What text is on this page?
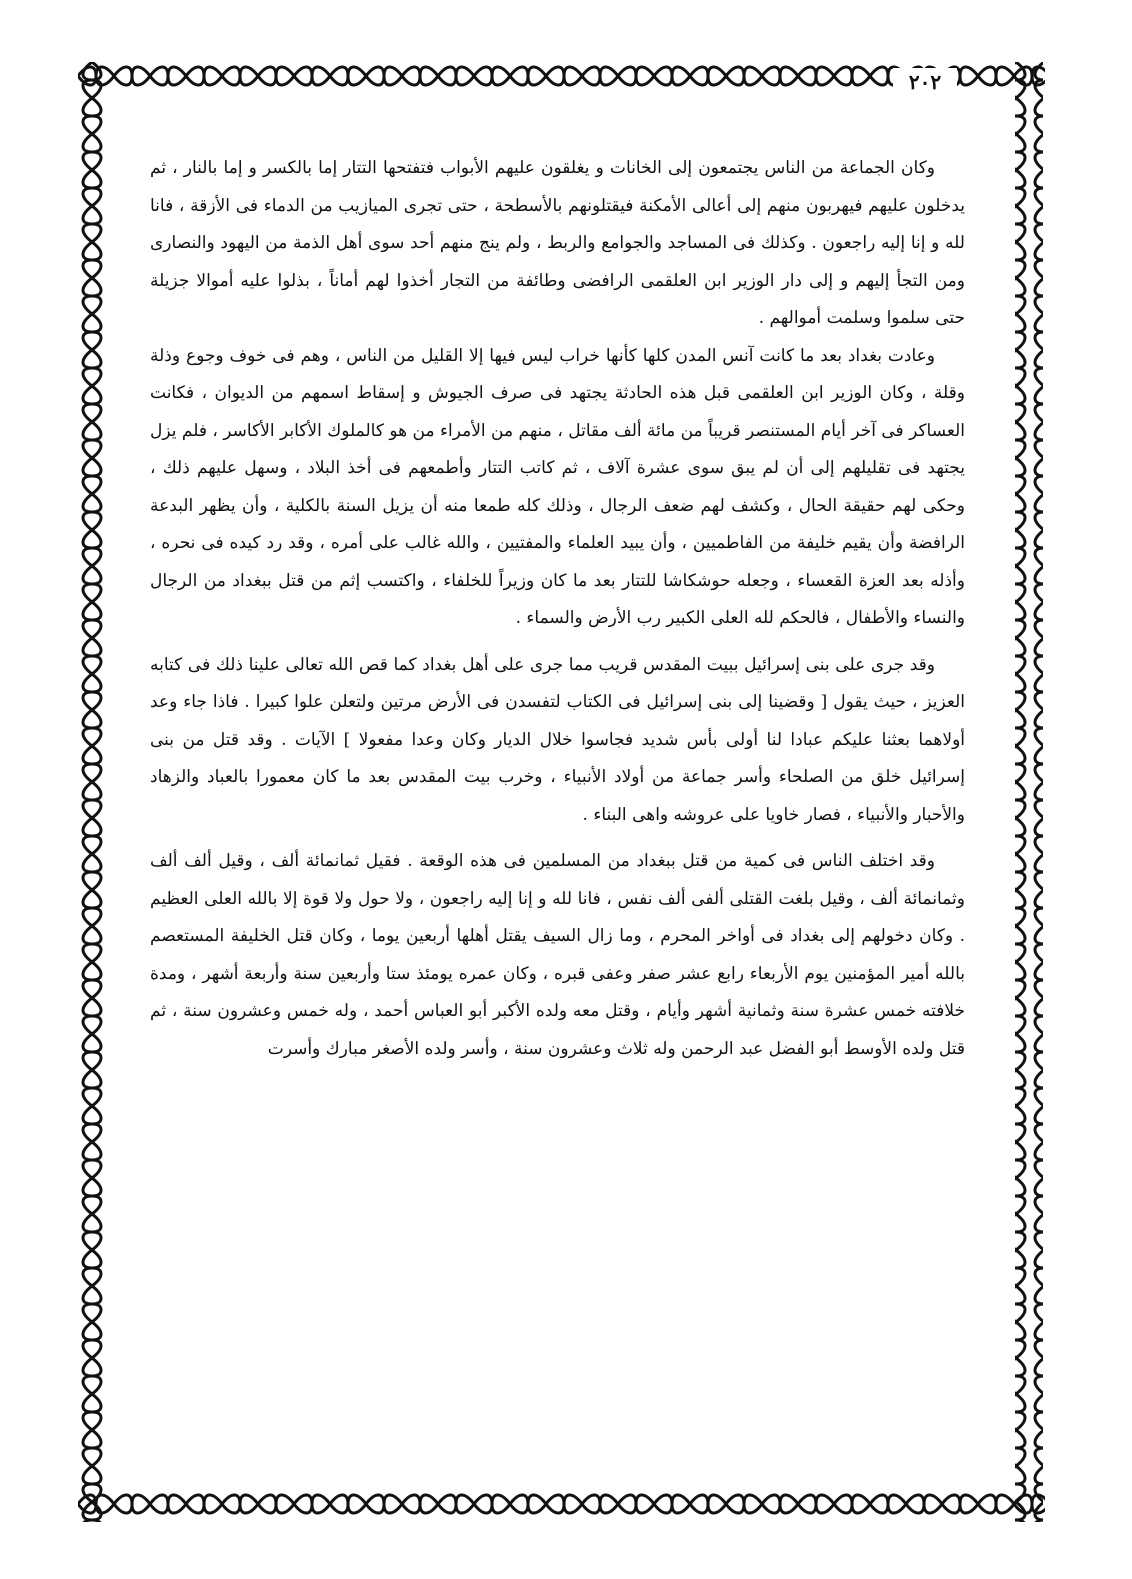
٢٠٢

وكان الجماعة من الناس يجتمعون إلى الخانات و يغلقون عليهم الأبواب فتفتحها التتار إما بالكسر و إما بالنار ، ثم يدخلون عليهم فيهربون منهم إلى أعالى الأمكنة فيقتلونهم بالأسطحة ، حتى تجرى الميازيب من الدماء فى الأزقة ، فانا لله و إنا إليه راجعون . وكذلك فى المساجد والجوامع والربط ، ولم ينج منهم أحد سوى أهل الذمة من اليهود والنصارى ومن التجأ إليهم و إلى دار الوزير ابن العلقمى الرافضى وطائفة من التجار أخذوا لهم أماناً ، بذلوا عليه أموالا جزيلة حتى سلموا وسلمت أموالهم .

وعادت بغداد بعد ما كانت آنس المدن كلها كأنها خراب ليس فيها إلا القليل من الناس ، وهم فى خوف وجوع وذلة وقلة ، وكان الوزير ابن العلقمى قبل هذه الحادثة يجتهد فى صرف الجيوش و إسقاط اسمهم من الديوان ، فكانت العساكر فى آخر أيام المستنصر قريباً من مائة ألف مقاتل ، منهم من الأمراء من هو كالملوك الأكابر الأكاسر ، فلم يزل يجتهد فى تقليلهم إلى أن لم يبق سوى عشرة آلاف ، ثم كاتب التتار وأطمعهم فى أخذ البلاد ، وسهل عليهم ذلك ، وحكى لهم حقيقة الحال ، وكشف لهم ضعف الرجال ، وذلك كله طمعا منه أن يزيل السنة بالكلية ، وأن يظهر البدعة الرافضة وأن يقيم خليفة من الفاطميين ، وأن يبيد العلماء والمفتيين ، والله غالب على أمره ، وقد رد كيده فى نحره ، وأذله بعد العزة القعساء ، وجعله حوشكاشا للتتار بعد ما كان وزيراً للخلفاء ، واكتسب إثم من قتل ببغداد من الرجال والنساء والأطفال ، فالحكم لله العلى الكبير رب الأرض والسماء .

وقد جرى على بنى إسرائيل ببيت المقدس قريب مما جرى على أهل بغداد كما قص الله تعالى علينا ذلك فى كتابه العزيز ، حيث يقول [ وقضينا إلى بنى إسرائيل فى الكتاب لتفسدن فى الأرض مرتين ولتعلن علوا كبيرا . فاذا جاء وعد أولاهما بعثنا عليكم عبادا لنا أولى بأس شديد فجاسوا خلال الديار وكان وعدا مفعولا ] الآيات . وقد قتل من بنى إسرائيل خلق من الصلحاء وأسر جماعة من أولاد الأنبياء ، وخرب بيت المقدس بعد ما كان معمورا بالعباد والزهاد والأحبار والأنبياء ، فصار خاويا على عروشه واهى البناء .

وقد اختلف الناس فى كمية من قتل ببغداد من المسلمين فى هذه الوقعة . فقيل ثمانمائة ألف ، وقيل ألف ألف وثمانمائة ألف ، وقيل بلغت القتلى ألفى ألف نفس ، فانا لله و إنا إليه راجعون ، ولا حول ولا قوة إلا بالله العلى العظيم . وكان دخولهم إلى بغداد فى أواخر المحرم ، وما زال السيف يقتل أهلها أربعين يوما ، وكان قتل الخليفة المستعصم بالله أمير المؤمنين يوم الأربعاء رابع عشر صفر وعفى قبره ، وكان عمره يومئذ ستا وأربعين سنة وأربعة أشهر ، ومدة خلافته خمس عشرة سنة وثمانية أشهر وأيام ، وقتل معه ولده الأكبر أبو العباس أحمد ، وله خمس وعشرون سنة ، ثم قتل ولده الأوسط أبو الفضل عبد الرحمن وله ثلاث وعشرون سنة ، وأسر ولده الأصغر مبارك وأسرت
